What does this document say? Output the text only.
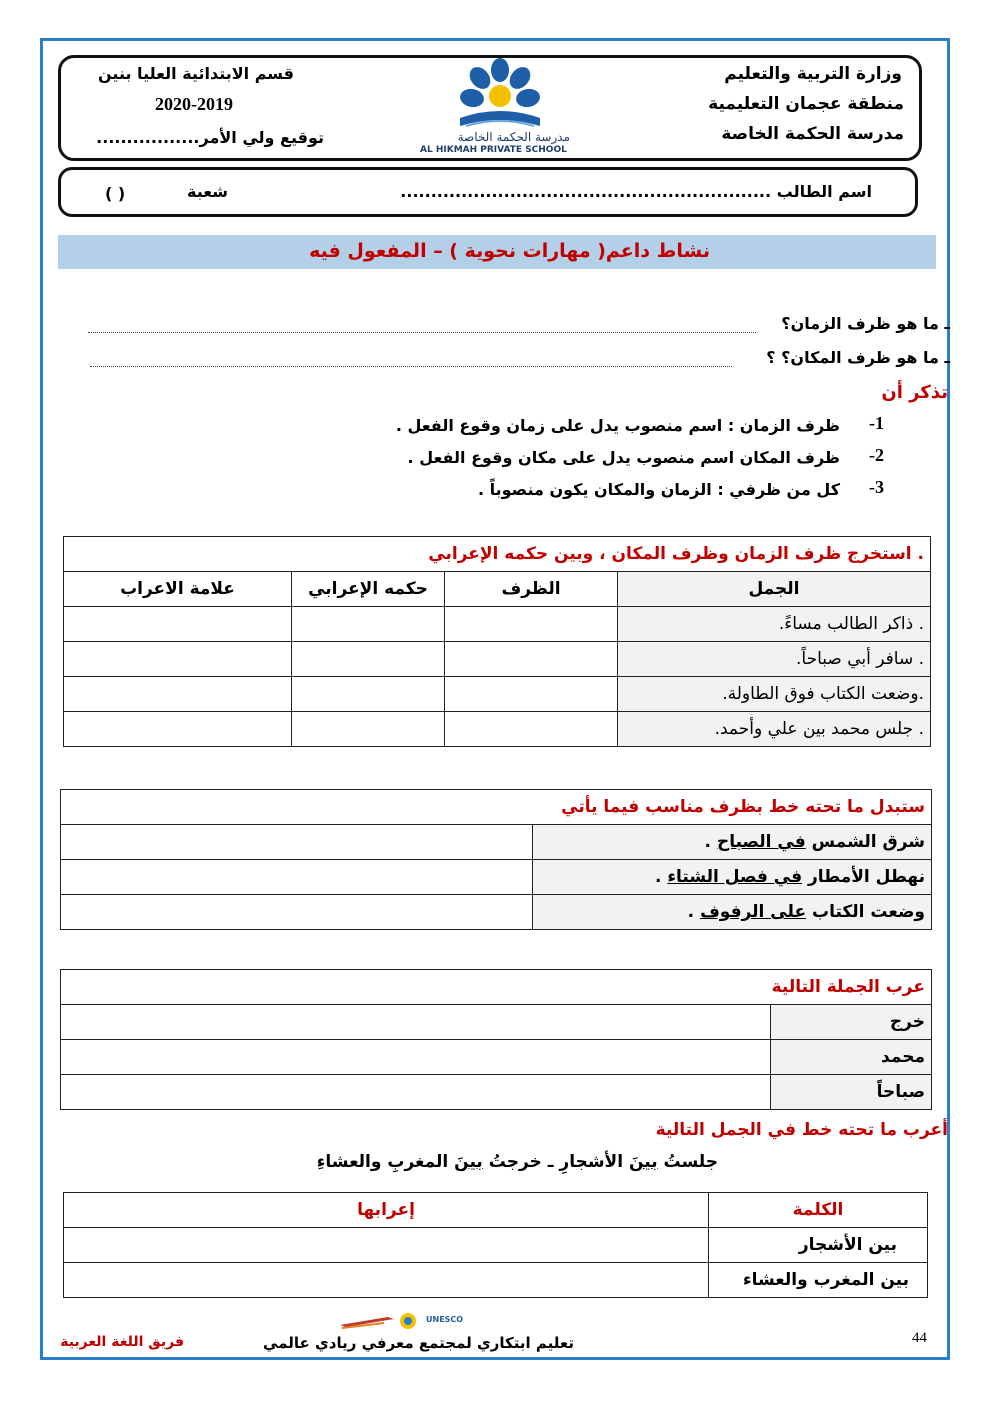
وزارة التربية والتعليم
منطقة عجمان التعليمية
مدرسة الحكمة الخاصة
قسم الابتدائية العليا بنين
2020-2019
توقيع ولي الأمر.................	مدرسة الحكمة الخاصة
AL HIKMAH PRIVATE SCHOOL
اسم الطالب .............................................................
شعبة
( )
نشاط داعم( مهارات نحوية ) – المفعول فيه
ـ ما هو ظرف الزمان؟
ـ ما هو ظرف المكان؟ ؟
تذكر أن
1-
ظرف الزمان : اسم منصوب يدل على زمان وقوع الفعل .
2-
ظرف المكان اسم منصوب يدل على مكان وقوع الفعل .
3-
كل من ظرفي : الزمان والمكان يكون منصوباً .
. استخرج ظرف الزمان وظرف المكان ، وبين حكمه الإعرابي			
الجمل	الظرف	حكمه الإعرابي	علامة الاعراب
. ذاكر الطالب مساءً.			
. سافر أبي صباحاً.			
.وضعت الكتاب فوق الطاولة.			
. جلس محمد بين علي وأحمد.			
ستبدل ما تحته خط بظرف مناسب فيما يأتي	
شرق الشمس في الصباح .	
نهطل الأمطار في فصل الشتاء .	
وضعت الكتاب على الرفوف .	
عرب الجملة التالية	
خرج	
محمد	
صباحاً	
أعرب ما تحته خط في الجمل التالية
جلستُ بينَ الأشجارِ ـ خرجتُ بينَ المغربِ والعشاءِ
الكلمة	إعرابها
بين الأشجار	
بين المغرب والعشاء	
44
UNESCO
تعليم ابتكاري لمجتمع معرفي ريادي عالمي
فريق اللغة العربية
